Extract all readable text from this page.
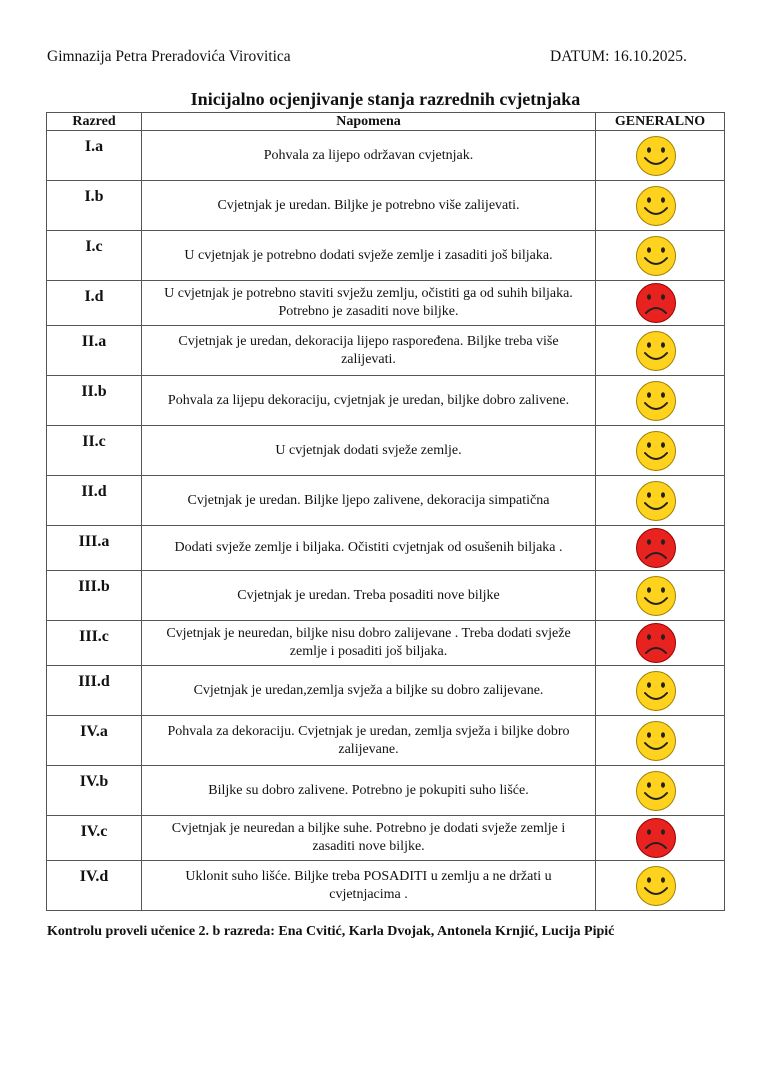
Gimnazija Petra Preradovića Virovitica	DATUM: 16.10.2025.
Inicijalno ocjenjivanje stanja razrednih cvjetnjaka
Razred	Napomena	GENERALNO
I.a	Pohvala za lijepo održavan cvjetnjak.

I.b	Cvjetnjak je uredan. Biljke je potrebno više zalijevati.

I.c	U cvjetnjak je potrebno dodati svježe zemlje i zasaditi još biljaka.

I.d	U cvjetnjak je potrebno staviti svježu zemlju, očistiti ga od suhih biljaka. Potrebno je zasaditi nove biljke.

II.a	Cvjetnjak je uredan, dekoracija lijepo raspoređena. Biljke treba više zalijevati.

II.b	Pohvala za lijepu dekoraciju, cvjetnjak je uredan, biljke dobro zalivene.

II.c	U cvjetnjak dodati svježe zemlje.

II.d	Cvjetnjak je uredan. Biljke ljepo zalivene, dekoracija simpatična

III.a	Dodati svježe zemlje i biljaka. Očistiti cvjetnjak od osušenih biljaka .

III.b	Cvjetnjak je uredan. Treba posaditi nove biljke

III.c	Cvjetnjak je neuredan, biljke nisu dobro zalijevane . Treba dodati svježe zemlje i posaditi još biljaka.

III.d	Cvjetnjak je uredan,zemlja svježa a biljke su dobro zalijevane.

IV.a	Pohvala za dekoraciju. Cvjetnjak je uredan, zemlja svježa i biljke dobro zalijevane.

IV.b	Biljke su dobro zalivene. Potrebno je pokupiti suho lišće.

IV.c	Cvjetnjak je neuredan a biljke suhe. Potrebno je dodati svježe zemlje i zasaditi nove biljke.

IV.d	Uklonit suho lišće. Biljke treba POSADITI u zemlju a ne držati u cvjetnjacima .

Kontrolu proveli učenice 2. b razreda: Ena Cvitić, Karla Dvojak, Antonela Krnjić, Lucija Pipić
